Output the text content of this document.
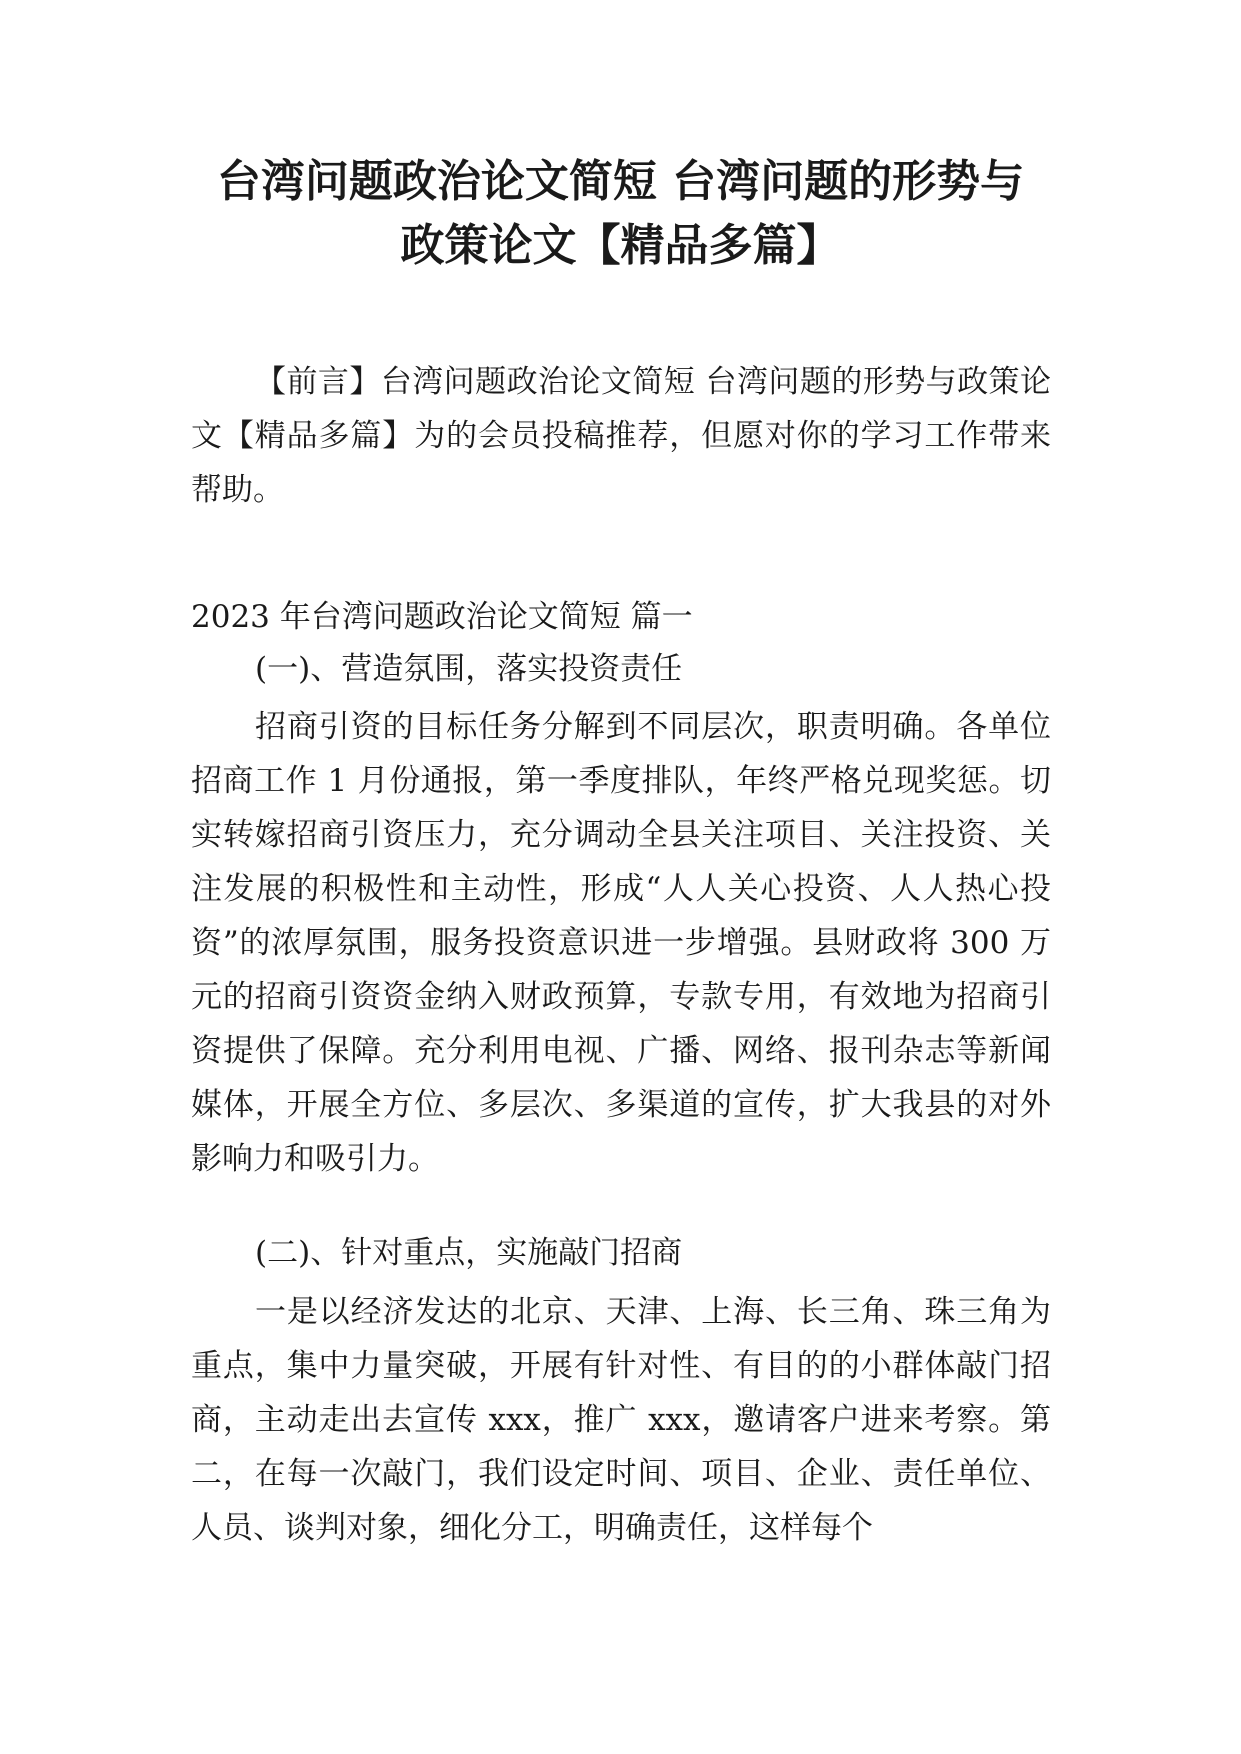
台湾问题政治论文简短 台湾问题的形势与
政策论文【精品多篇】

【前言】台湾问题政治论文简短 台湾问题的形势与政策论文【精品多篇】为的会员投稿推荐，但愿对你的学习工作带来帮助。

2023 年台湾问题政治论文简短 篇一

(一)、营造氛围，落实投资责任

招商引资的目标任务分解到不同层次，职责明确。各单位招商工作 1 月份通报，第一季度排队，年终严格兑现奖惩。切实转嫁招商引资压力，充分调动全县关注项目、关注投资、关注发展的积极性和主动性，形成“人人关心投资、人人热心投资”的浓厚氛围，服务投资意识进一步增强。县财政将 300 万元的招商引资资金纳入财政预算，专款专用，有效地为招商引资提供了保障。充分利用电视、广播、网络、报刊杂志等新闻媒体，开展全方位、多层次、多渠道的宣传，扩大我县的对外影响力和吸引力。

(二)、针对重点，实施敲门招商

一是以经济发达的北京、天津、上海、长三角、珠三角为重点，集中力量突破，开展有针对性、有目的的小群体敲门招商，主动走出去宣传 xxx，推广 xxx，邀请客户进来考察。第二，在每一次敲门，我们设定时间、项目、企业、责任单位、人员、谈判对象，细化分工，明确责任，这样每个
